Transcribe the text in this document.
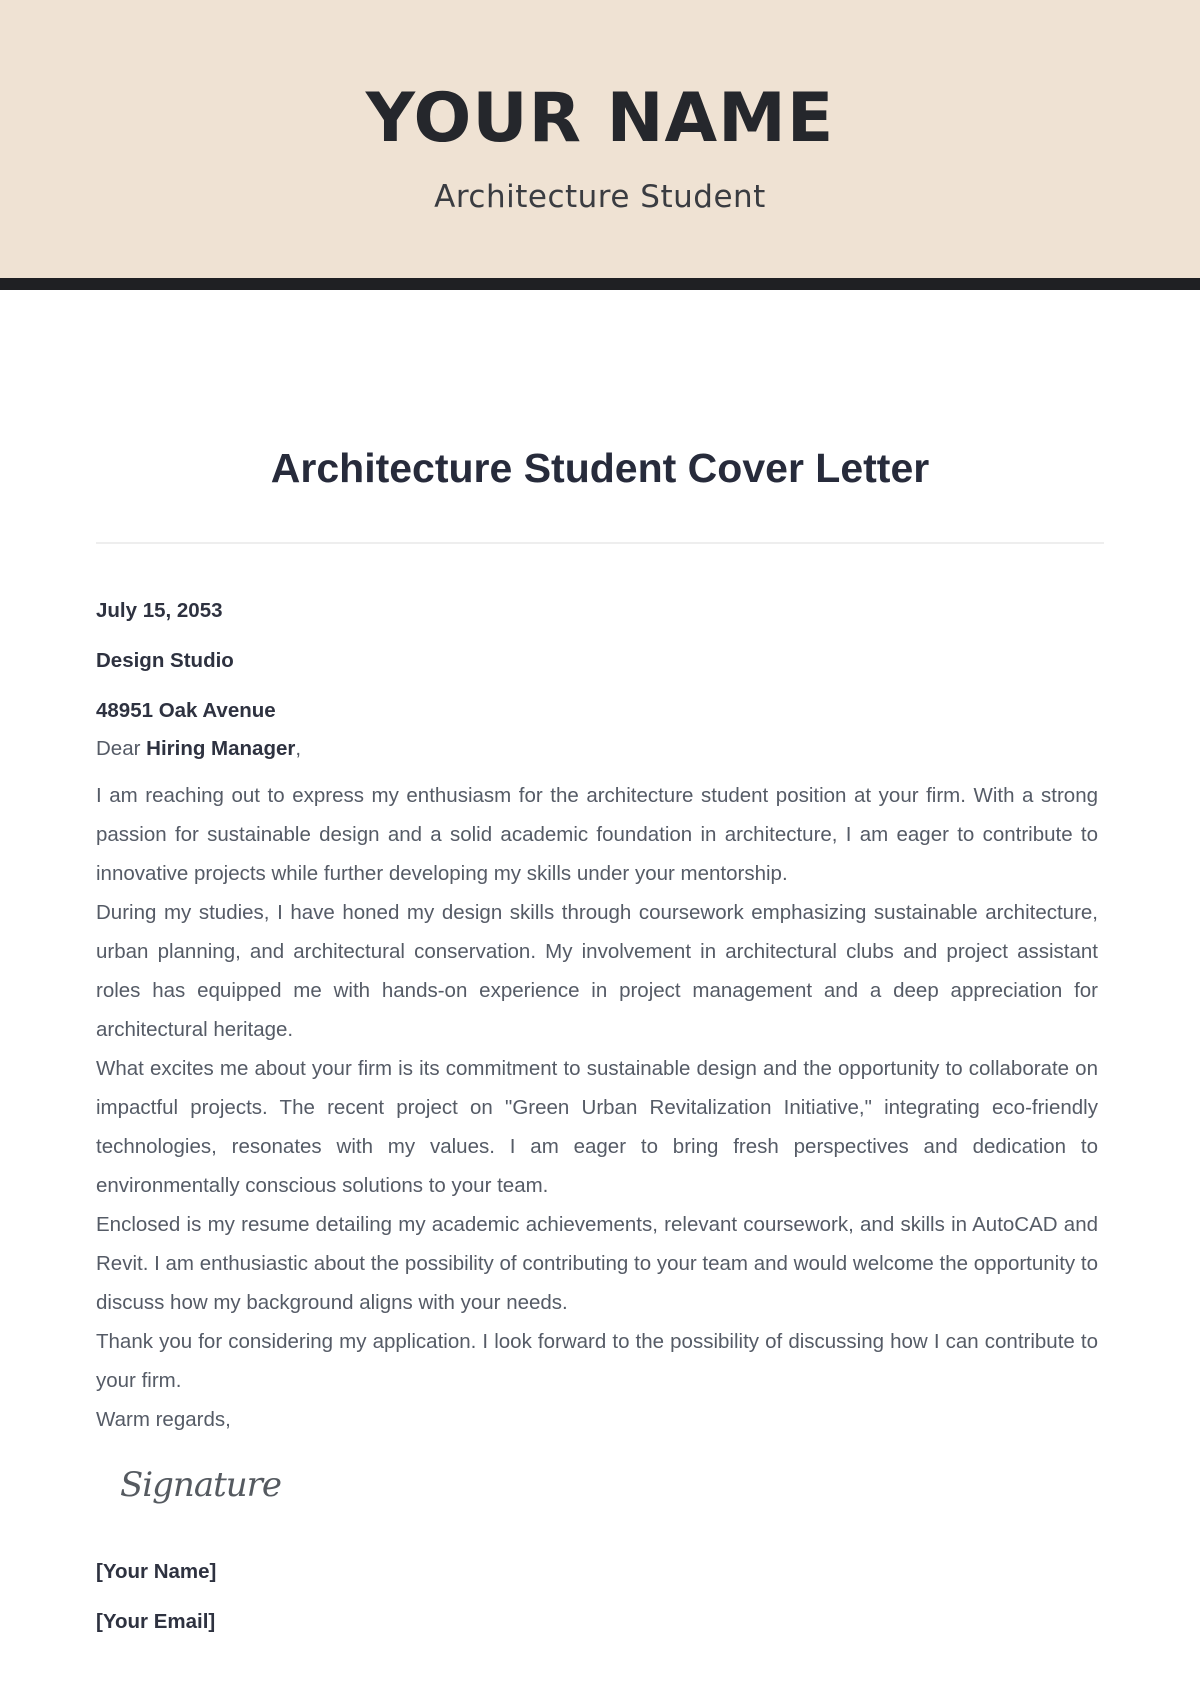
YOUR NAME
Architecture Student
Architecture Student Cover Letter
July 15, 2053
Design Studio
48951 Oak Avenue
Dear Hiring Manager,

I am reaching out to express my enthusiasm for the architecture student position at your firm. With a strong passion for sustainable design and a solid academic foundation in architecture, I am eager to contribute to innovative projects while further developing my skills under your mentorship.

During my studies, I have honed my design skills through coursework emphasizing sustainable architecture, urban planning, and architectural conservation. My involvement in architectural clubs and project assistant roles has equipped me with hands-on experience in project management and a deep appreciation for architectural heritage.

What excites me about your firm is its commitment to sustainable design and the opportunity to collaborate on impactful projects. The recent project on "Green Urban Revitalization Initiative," integrating eco-friendly technologies, resonates with my values. I am eager to bring fresh perspectives and dedication to environmentally conscious solutions to your team.

Enclosed is my resume detailing my academic achievements, relevant coursework, and skills in AutoCAD and Revit. I am enthusiastic about the possibility of contributing to your team and would welcome the opportunity to discuss how my background aligns with your needs.

Thank you for considering my application. I look forward to the possibility of discussing how I can contribute to your firm.

Warm regards,
Signature
[Your Name]
[Your Email]
